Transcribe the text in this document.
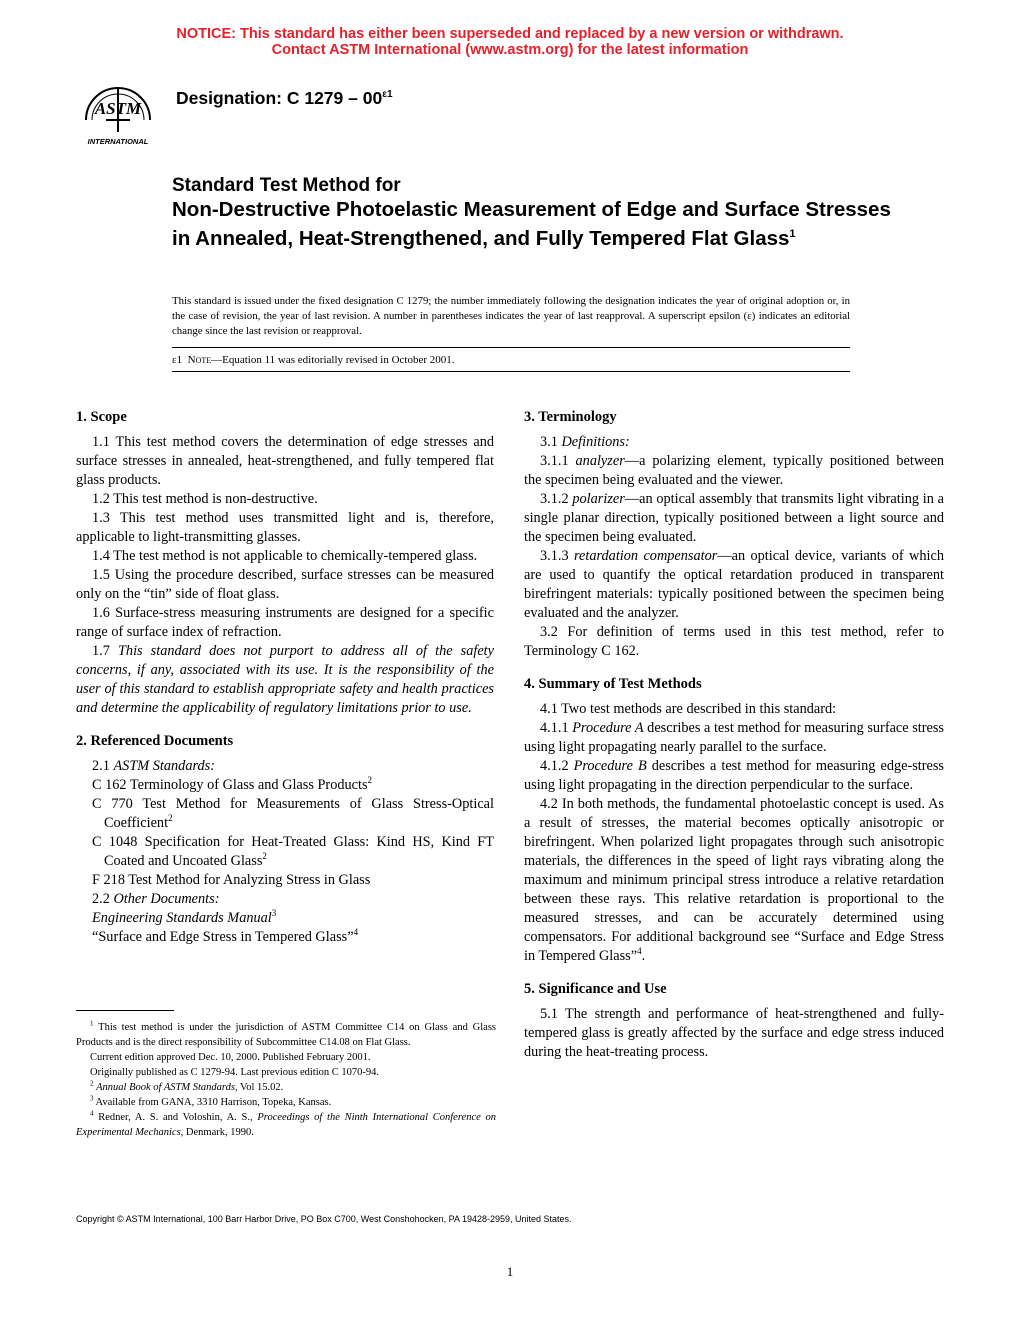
NOTICE: This standard has either been superseded and replaced by a new version or withdrawn.
Contact ASTM International (www.astm.org) for the latest information
ASTM
INTERNATIONAL
Designation: C $1279 - 00^{\varepsilon 1}$
Standard Test Method for
Non-Destructive Photoelastic Measurement of Edge and Surface Stresses in Annealed, Heat-Strengthened, and Fully Tempered Flat Glass$^1$
This standard is issued under the fixed designation C 1279; the number immediately following the designation indicates the year of original adoption or, in the case of revision, the year of last revision. A number in parentheses indicates the year of last reapproval. A superscript epsilon (ε) indicates an editorial change since the last revision or reapproval.
ε1 Note—Equation 11 was editorially revised in October 2001.
1. Scope

1.1 This test method covers the determination of edge stresses and surface stresses in annealed, heat-strengthened, and fully tempered flat glass products.

1.2 This test method is non-destructive.

1.3 This test method uses transmitted light and is, therefore, applicable to light-transmitting glasses.

1.4 The test method is not applicable to chemically-tempered glass.

1.5 Using the procedure described, surface stresses can be measured only on the “tin” side of float glass.

1.6 Surface-stress measuring instruments are designed for a specific range of surface index of refraction.

1.7 This standard does not purport to address all of the safety concerns, if any, associated with its use. It is the responsibility of the user of this standard to establish appropriate safety and health practices and determine the applicability of regulatory limitations prior to use.

2. Referenced Documents

2.1 ASTM Standards:

C 162 Terminology of Glass and Glass Products$^2$

C 770 Test Method for Measurements of Glass Stress-Optical Coefficient$^2$

C 1048 Specification for Heat-Treated Glass: Kind HS, Kind FT Coated and Uncoated Glass$^2$

F 218 Test Method for Analyzing Stress in Glass

2.2 Other Documents:

Engineering Standards Manual$^3$

“Surface and Edge Stress in Tempered Glass”$^4$

$^1$ This test method is under the jurisdiction of ASTM Committee C14 on Glass and Glass Products and is the direct responsibility of Subcommittee C14.08 on Flat Glass.

Current edition approved Dec. 10, 2000. Published February 2001.

Originally published as C 1279-94. Last previous edition C 1070-94.

$^2$ Annual Book of ASTM Standards, Vol 15.02.

$^3$ Available from GANA, 3310 Harrison, Topeka, Kansas.

$^4$ Redner, A. S. and Voloshin, A. S., Proceedings of the Ninth International Conference on Experimental Mechanics, Denmark, 1990.

3. Terminology

3.1 Definitions:

3.1.1 analyzer—a polarizing element, typically positioned between the specimen being evaluated and the viewer.

3.1.2 polarizer—an optical assembly that transmits light vibrating in a single planar direction, typically positioned between a light source and the specimen being evaluated.

3.1.3 retardation compensator—an optical device, variants of which are used to quantify the optical retardation produced in transparent birefringent materials: typically positioned between the specimen being evaluated and the analyzer.

3.2 For definition of terms used in this test method, refer to Terminology C 162.

4. Summary of Test Methods

4.1 Two test methods are described in this standard:

4.1.1 Procedure A describes a test method for measuring surface stress using light propagating nearly parallel to the surface.

4.1.2 Procedure B describes a test method for measuring edge-stress using light propagating in the direction perpendicular to the surface.

4.2 In both methods, the fundamental photoelastic concept is used. As a result of stresses, the material becomes optically anisotropic or birefringent. When polarized light propagates through such anisotropic materials, the differences in the speed of light rays vibrating along the maximum and minimum principal stress introduce a relative retardation between these rays. This relative retardation is proportional to the measured stresses, and can be accurately determined using compensators. For additional background see “Surface and Edge Stress in Tempered Glass”$^4$.

5. Significance and Use

5.1 The strength and performance of heat-strengthened and fully-tempered glass is greatly affected by the surface and edge stress induced during the heat-treating process.

Copyright © ASTM International, 100 Barr Harbor Drive, PO Box C700, West Conshohocken, PA 19428-2959, United States.
1
